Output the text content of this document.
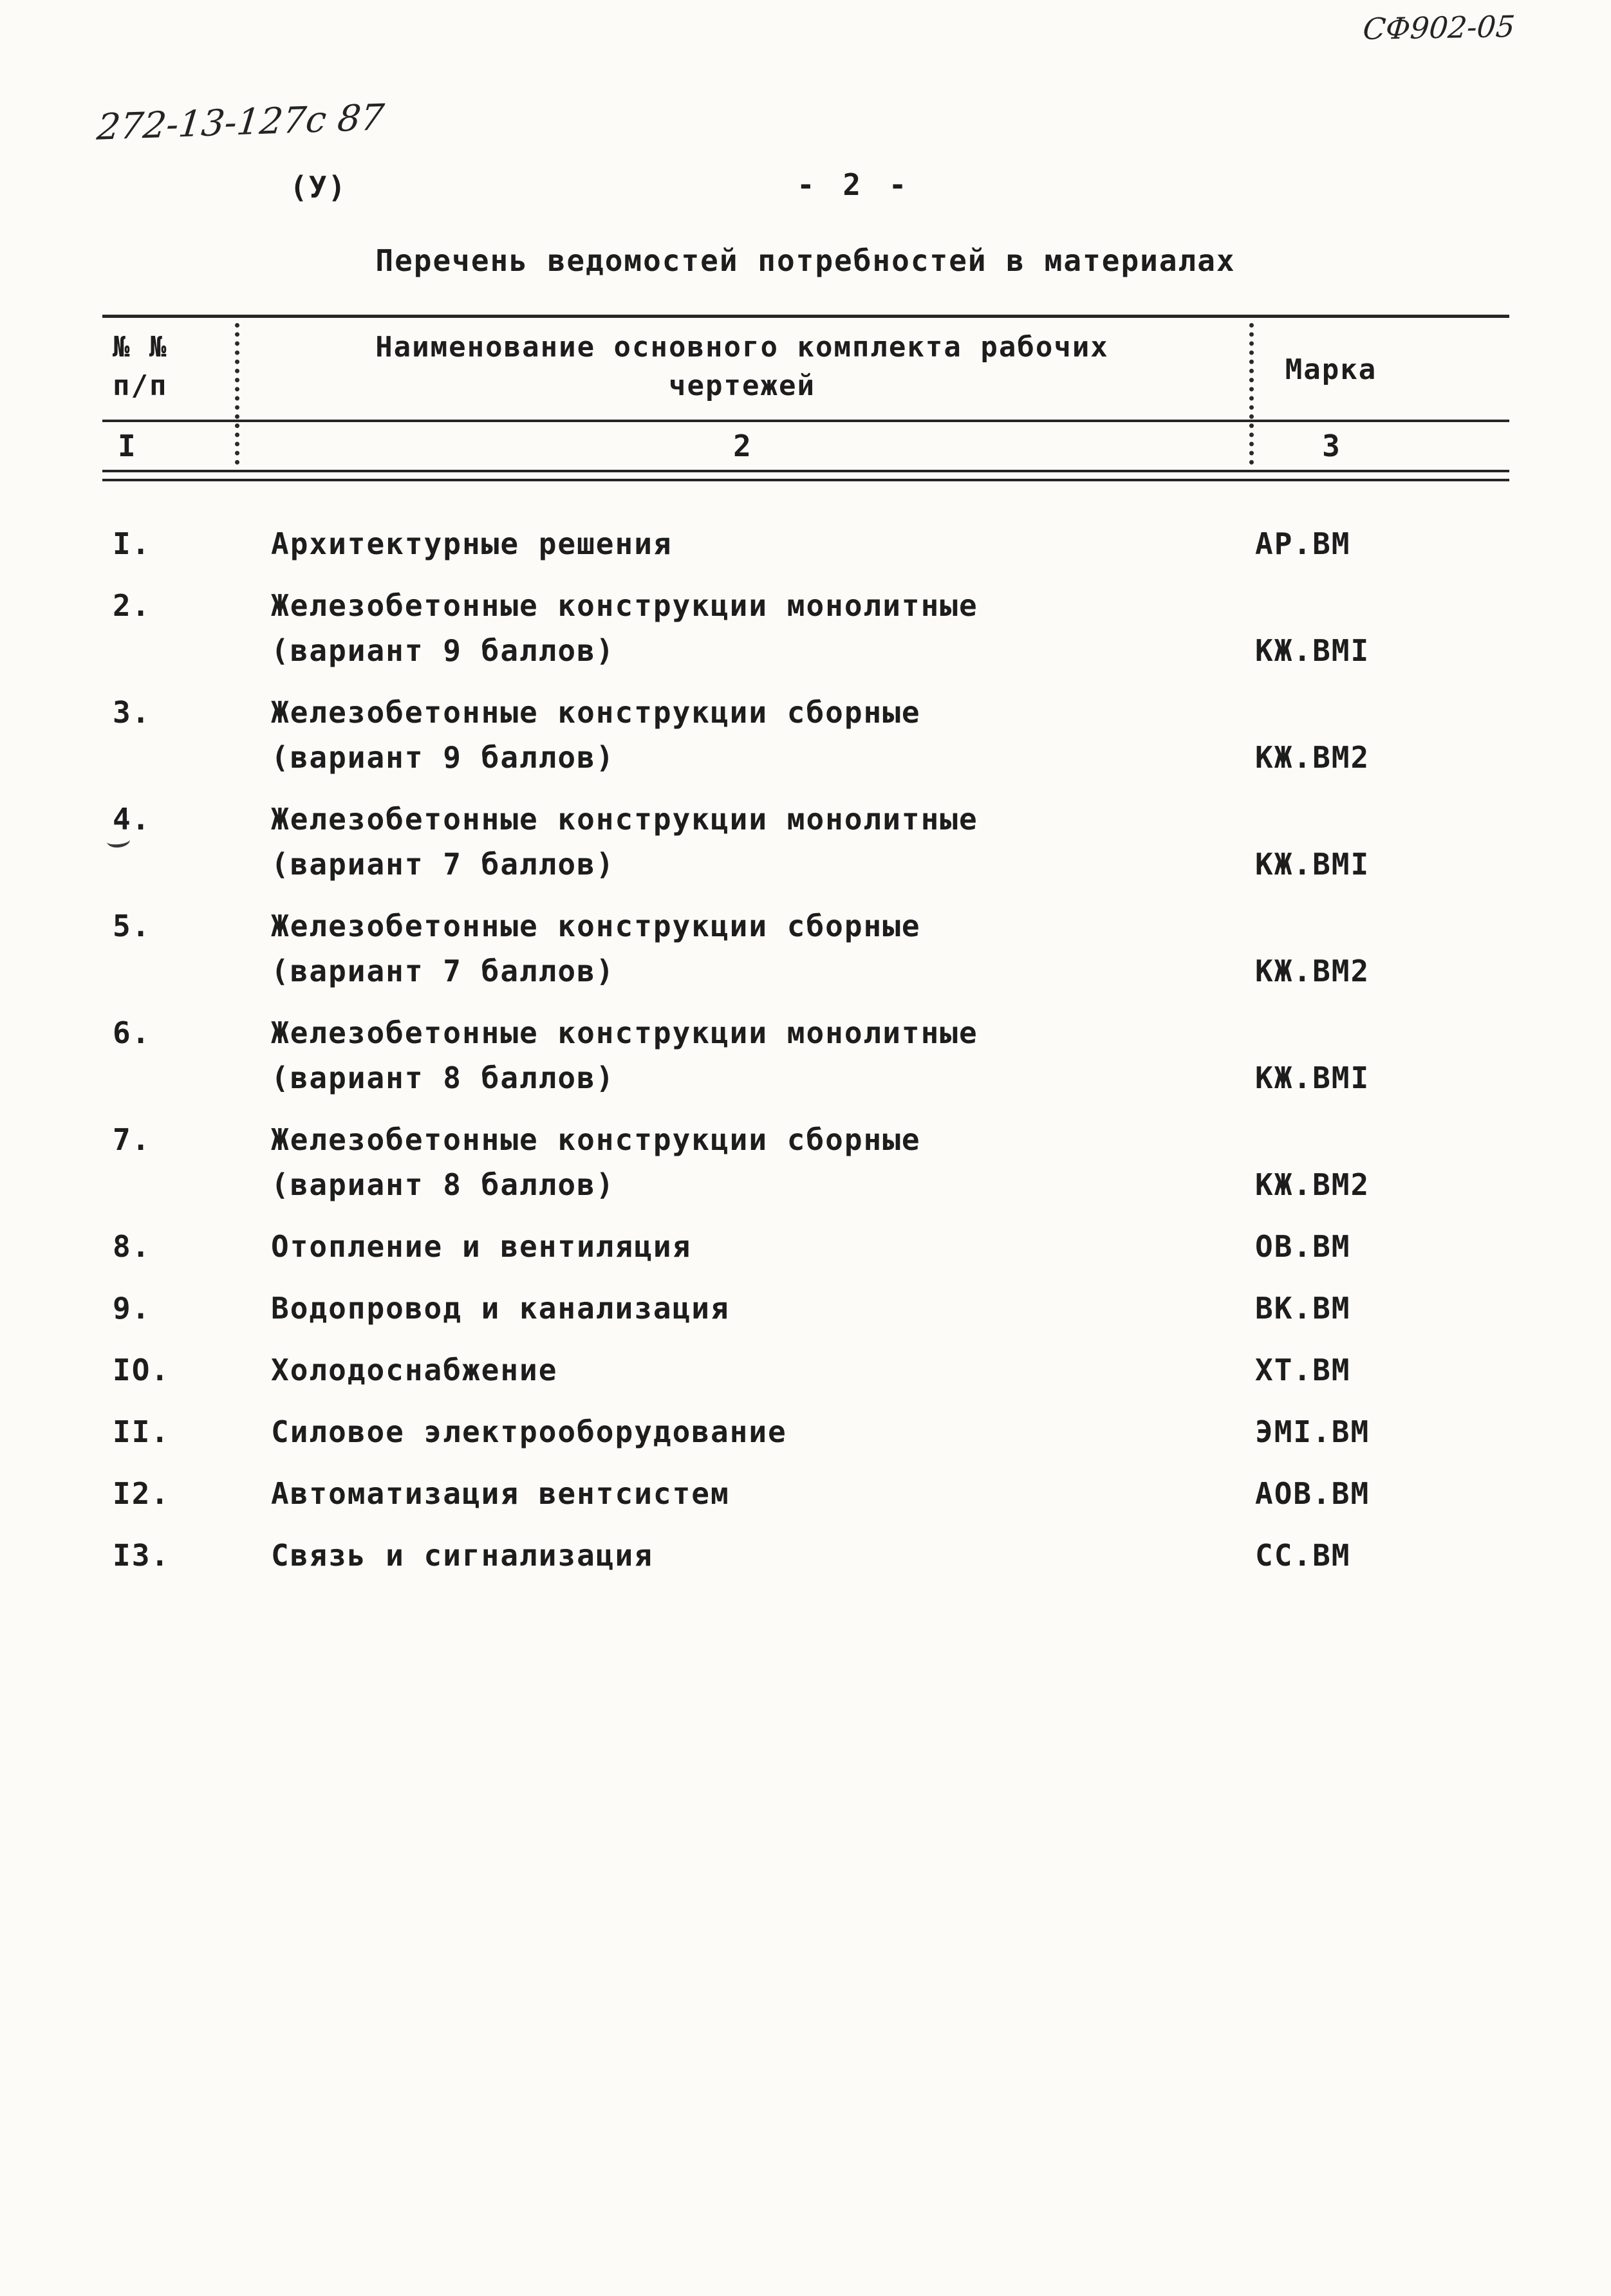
СФ902-05
272-13-127с 87
(У)	- 2 -
Перечень ведомостей потребностей в материалах
№ №
п/п
Наименование основного комплекта рабочих
чертежей	Марка
I	2	3
I.	Архитектурные решения	АР.ВМ
2.	Железобетонные конструкции монолитные
(вариант 9 баллов)	КЖ.ВМI
3.	Железобетонные конструкции сборные
(вариант 9 баллов)	КЖ.ВМ2
4.	Железобетонные конструкции монолитные
(вариант 7 баллов)	КЖ.ВМI
5.	Железобетонные конструкции сборные
(вариант 7 баллов)	КЖ.ВМ2
6.	Железобетонные конструкции монолитные
(вариант 8 баллов)	КЖ.ВМI
7.	Железобетонные конструкции сборные
(вариант 8 баллов)	КЖ.ВМ2
8.	Отопление и вентиляция	ОВ.ВМ
9.	Водопровод и канализация	ВК.ВМ
IO.	Холодоснабжение	ХТ.ВМ
II.	Силовое электрооборудование	ЭМI.ВМ
I2.	Автоматизация вентсистем	АОВ.ВМ
I3.	Связь и сигнализация	СС.ВМ
